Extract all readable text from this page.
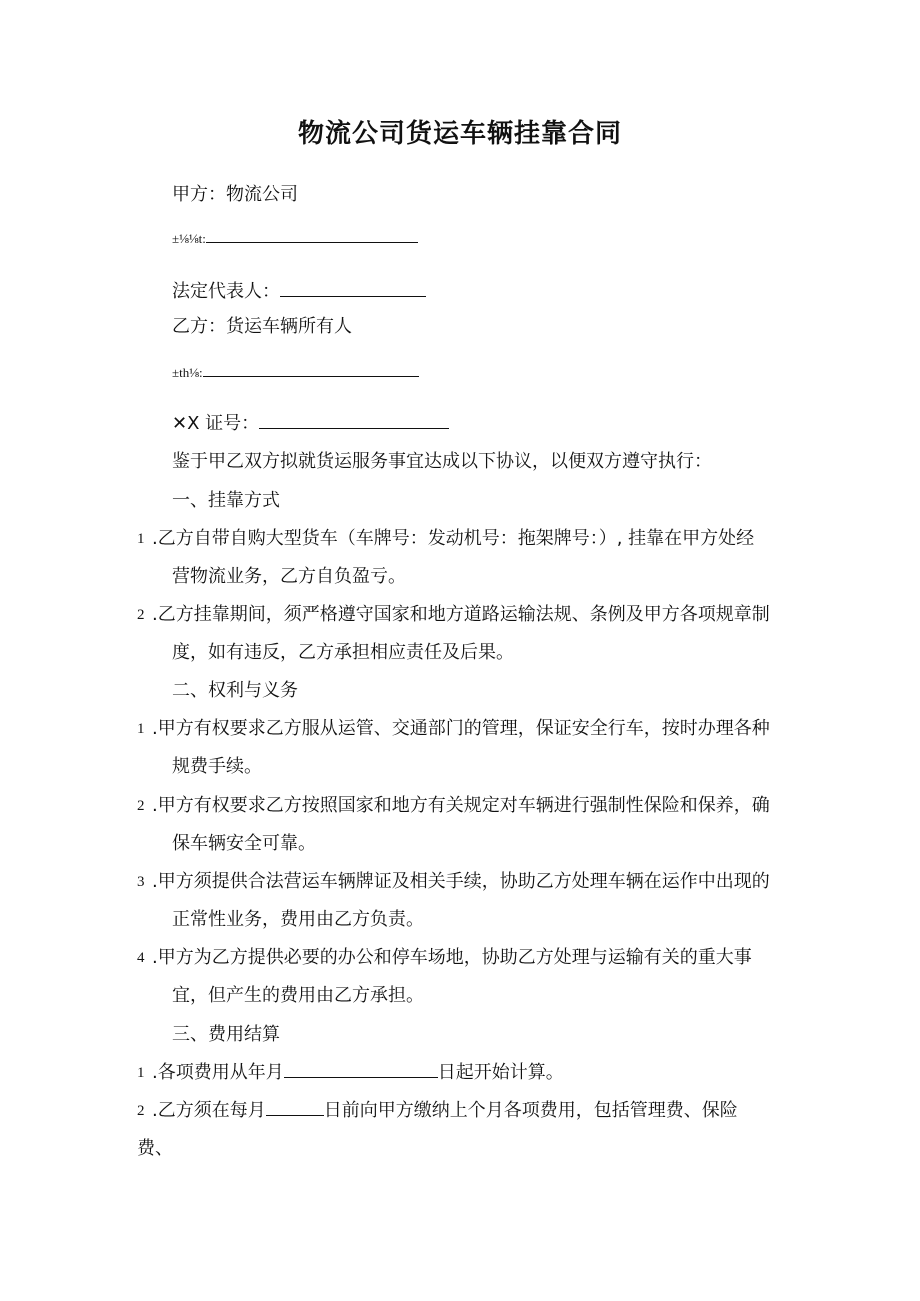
物流公司货运车辆挂靠合同
甲方：物流公司
±⅛⅛t:
法定代表人：
乙方：货运车辆所有人
±th⅛:
✕X 证号：
鉴于甲乙双方拟就货运服务事宜达成以下协议，以便双方遵守执行：
一、挂靠方式
1 .乙方自带自购大型货车（车牌号：发动机号：拖架牌号：）, 挂靠在甲方处经
营物流业务，乙方自负盈亏。
2 .乙方挂靠期间，须严格遵守国家和地方道路运输法规、条例及甲方各项规章制
度，如有违反，乙方承担相应责任及后果。
二、权利与义务
1 .甲方有权要求乙方服从运管、交通部门的管理，保证安全行车，按时办理各种
规费手续。
2 .甲方有权要求乙方按照国家和地方有关规定对车辆进行强制性保险和保养，确
保车辆安全可靠。
3 .甲方须提供合法营运车辆牌证及相关手续，协助乙方处理车辆在运作中出现的
正常性业务，费用由乙方负责。
4 .甲方为乙方提供必要的办公和停车场地，协助乙方处理与运输有关的重大事
宜，但产生的费用由乙方承担。
三、费用结算
1 .各项费用从年月	日起开始计算。
2 .乙方须在每月	日前向甲方缴纳上个月各项费用，包括管理费、保险
费、
